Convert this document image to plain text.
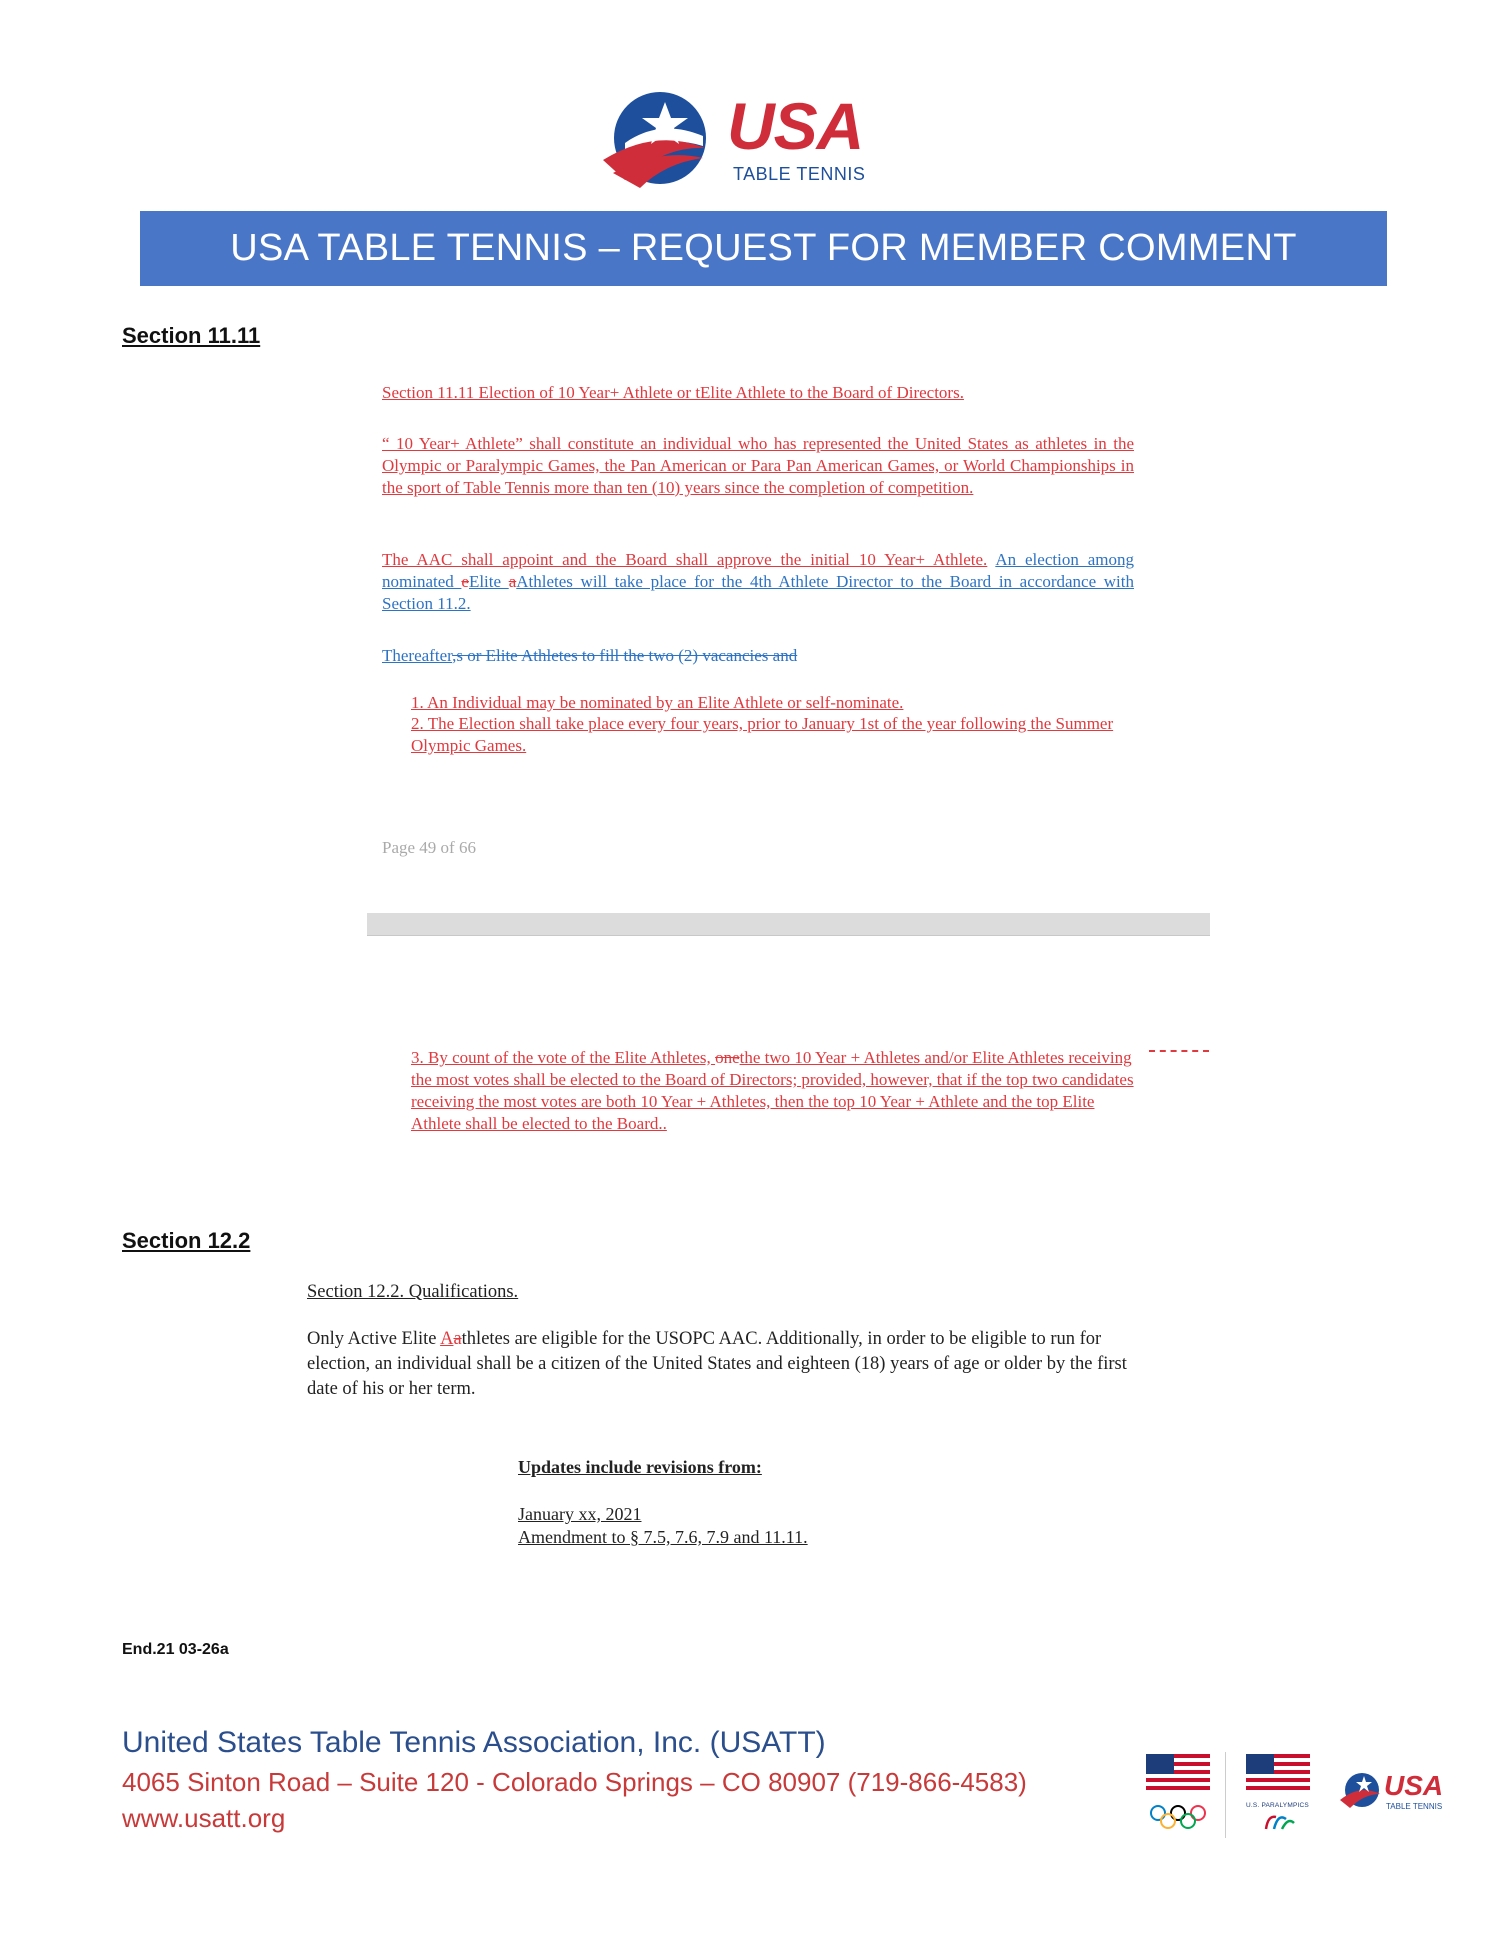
USA
TABLE TENNIS
USA TABLE TENNIS – REQUEST FOR MEMBER COMMENT
Section 11.11
Section 11.11 Election of 10 Year+ Athlete or tElite Athlete to the Board of Directors.
“ 10 Year+ Athlete” shall constitute an individual who has represented the United States as athletes in the Olympic or Paralympic Games, the Pan American or Para Pan American Games, or World Championships in the sport of Table Tennis more than ten (10) years since the completion of competition.
The AAC shall appoint and the Board shall approve the initial 10 Year+ Athlete. An election among nominated eElite aAthletes will take place for the 4th Athlete Director to the Board in accordance with Section 11.2.
Thereafter,s or Elite Athletes to fill the two (2) vacancies and
1. An Individual may be nominated by an Elite Athlete or self-nominate.
2. The Election shall take place every four years, prior to January 1st of the year following the Summer Olympic Games.
Page 49 of 66
3. By count of the vote of the Elite Athletes, onethe two 10 Year + Athletes and/or Elite Athletes receiving the most votes shall be elected to the Board of Directors; provided, however, that if the top two candidates receiving the most votes are both 10 Year + Athletes, then the top 10 Year + Athlete and the top Elite Athlete shall be elected to the Board..
Section 12.2
Section 12.2. Qualifications.
Only Active Elite Aathletes are eligible for the USOPC AAC. Additionally, in order to be eligible to run for election, an individual shall be a citizen of the United States and eighteen (18) years of age or older by the first date of his or her term.
Updates include revisions from:
January xx, 2021
Amendment to § 7.5, 7.6, 7.9 and 11.11.
End.21 03-26a
United States Table Tennis Association, Inc. (USATT)
4065 Sinton Road – Suite 120 - Colorado Springs – CO 80907 (719-866-4583)
www.usatt.org	U.S. PARALYMPICS
USA
TABLE TENNIS
